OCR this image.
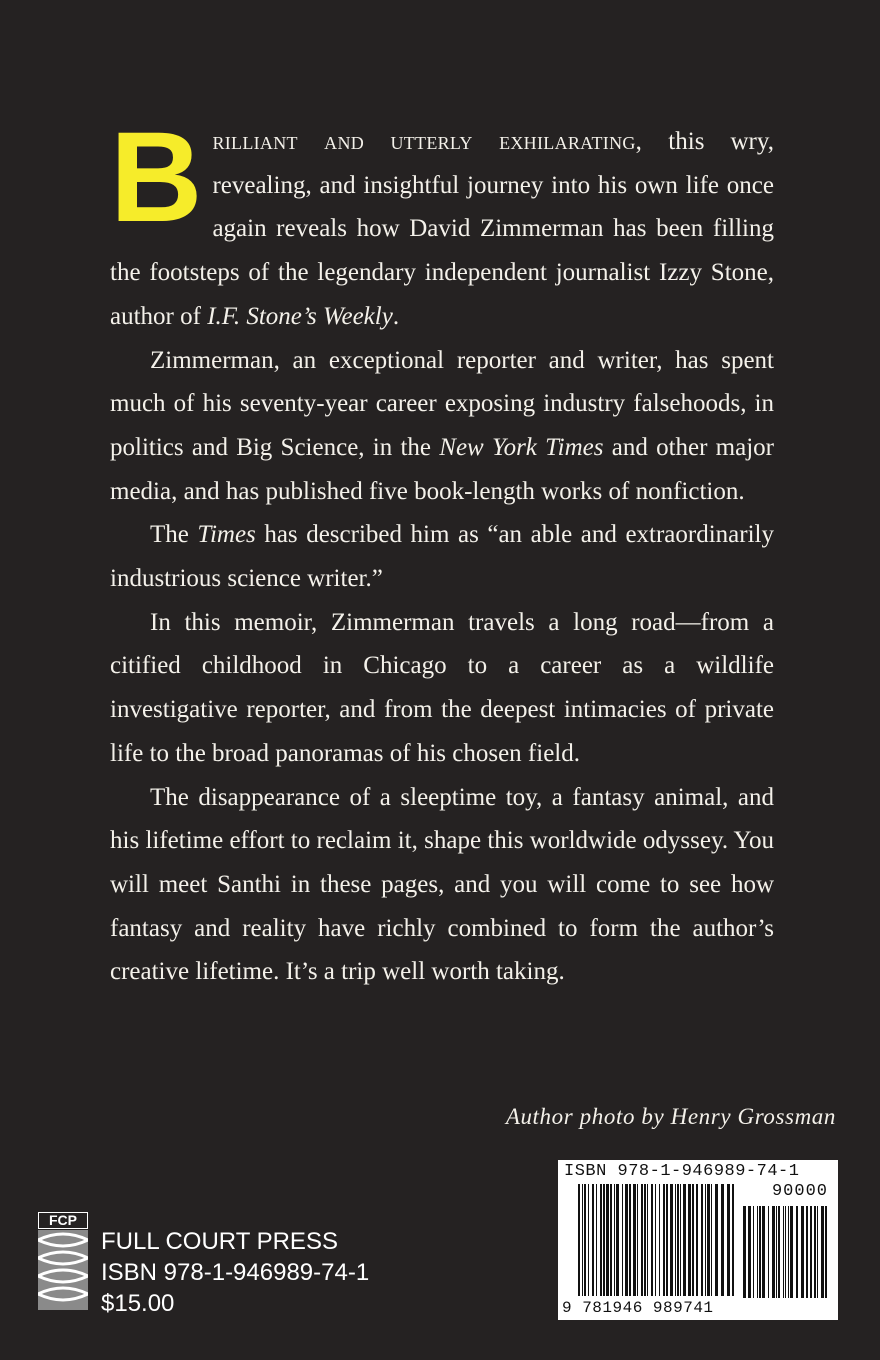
Brilliant and utterly exhilarating, this wry, revealing, and insightful journey into his own life once again reveals how David Zimmerman has been filling the footsteps of the legendary independent journalist Izzy Stone, author of I.F. Stone’s Weekly.

Zimmerman, an exceptional reporter and writer, has spent much of his seventy-year career exposing industry falsehoods, in politics and Big Science, in the New York Times and other major media, and has published five book-length works of nonfiction.

The Times has described him as “an able and extraordinarily industrious science writer.”

In this memoir, Zimmerman travels a long road—from a citified childhood in Chicago to a career as a wildlife investigative reporter, and from the deepest intimacies of private life to the broad panoramas of his chosen field.

The disappearance of a sleeptime toy, a fantasy animal, and his lifetime effort to reclaim it, shape this worldwide odyssey. You will meet Santhi in these pages, and you will come to see how fantasy and reality have richly combined to form the author’s creative lifetime. It’s a trip well worth taking.

Author photo by Henry Grossman
ISBN 978-1-946989-74-1
90000
9 781946 989741
FCP
FULL COURT PRESS
ISBN 978-1-946989-74-1
$15.00
